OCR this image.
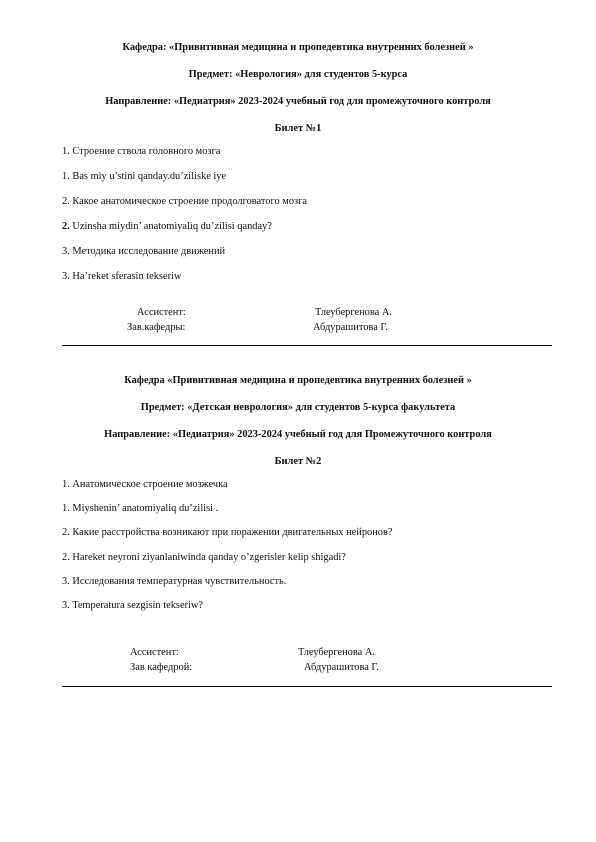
Кафедра: «Привитивная медицина и пропедевтика внутренних болезней »
Предмет: «Неврология» для студентов 5-курса
Направление: «Педиатрия» 2023-2024 учебный год для промежуточного контроля
Билет №1
1. Строение ствола головного мозга
1. Bas miy u’stini qanday.du’ziliske iye
2. Какое анатомическое строение продолговатого мозга
2. Uzinsha miydin’ anatomiyaliq du’zilisi qanday?
3. Методика исследование движений
3. Ha’reket sferasin tekseriw
Ассистент:
Зав.кафедры:
Тлеубергенова А.
Абдурашитова Г.
Кафедра «Привитивная медицина и пропедевтика внутренних болезней »
Предмет: «Детская неврология» для студентов 5-курса факультета
Направление: «Педиатрия» 2023-2024 учебный год для Промежуточного контроля
Билет №2
1. Анатомическое строение мозжечка
1. Miyshenin’ anatomiyaliq du’zilisi .
2. Какие расстройства возникают при поражении двигательных нейронов?
2. Hareket neyroni ziyanlaniwinda qanday o’zgerisler kelip shigadi?
3. Исследования температурная чувствительность.
3. Temperatura sezgisin tekseriw?
Ассистент:
Зав кафедрой:
Тлеубергенова А.
Абдурашитова Г.
